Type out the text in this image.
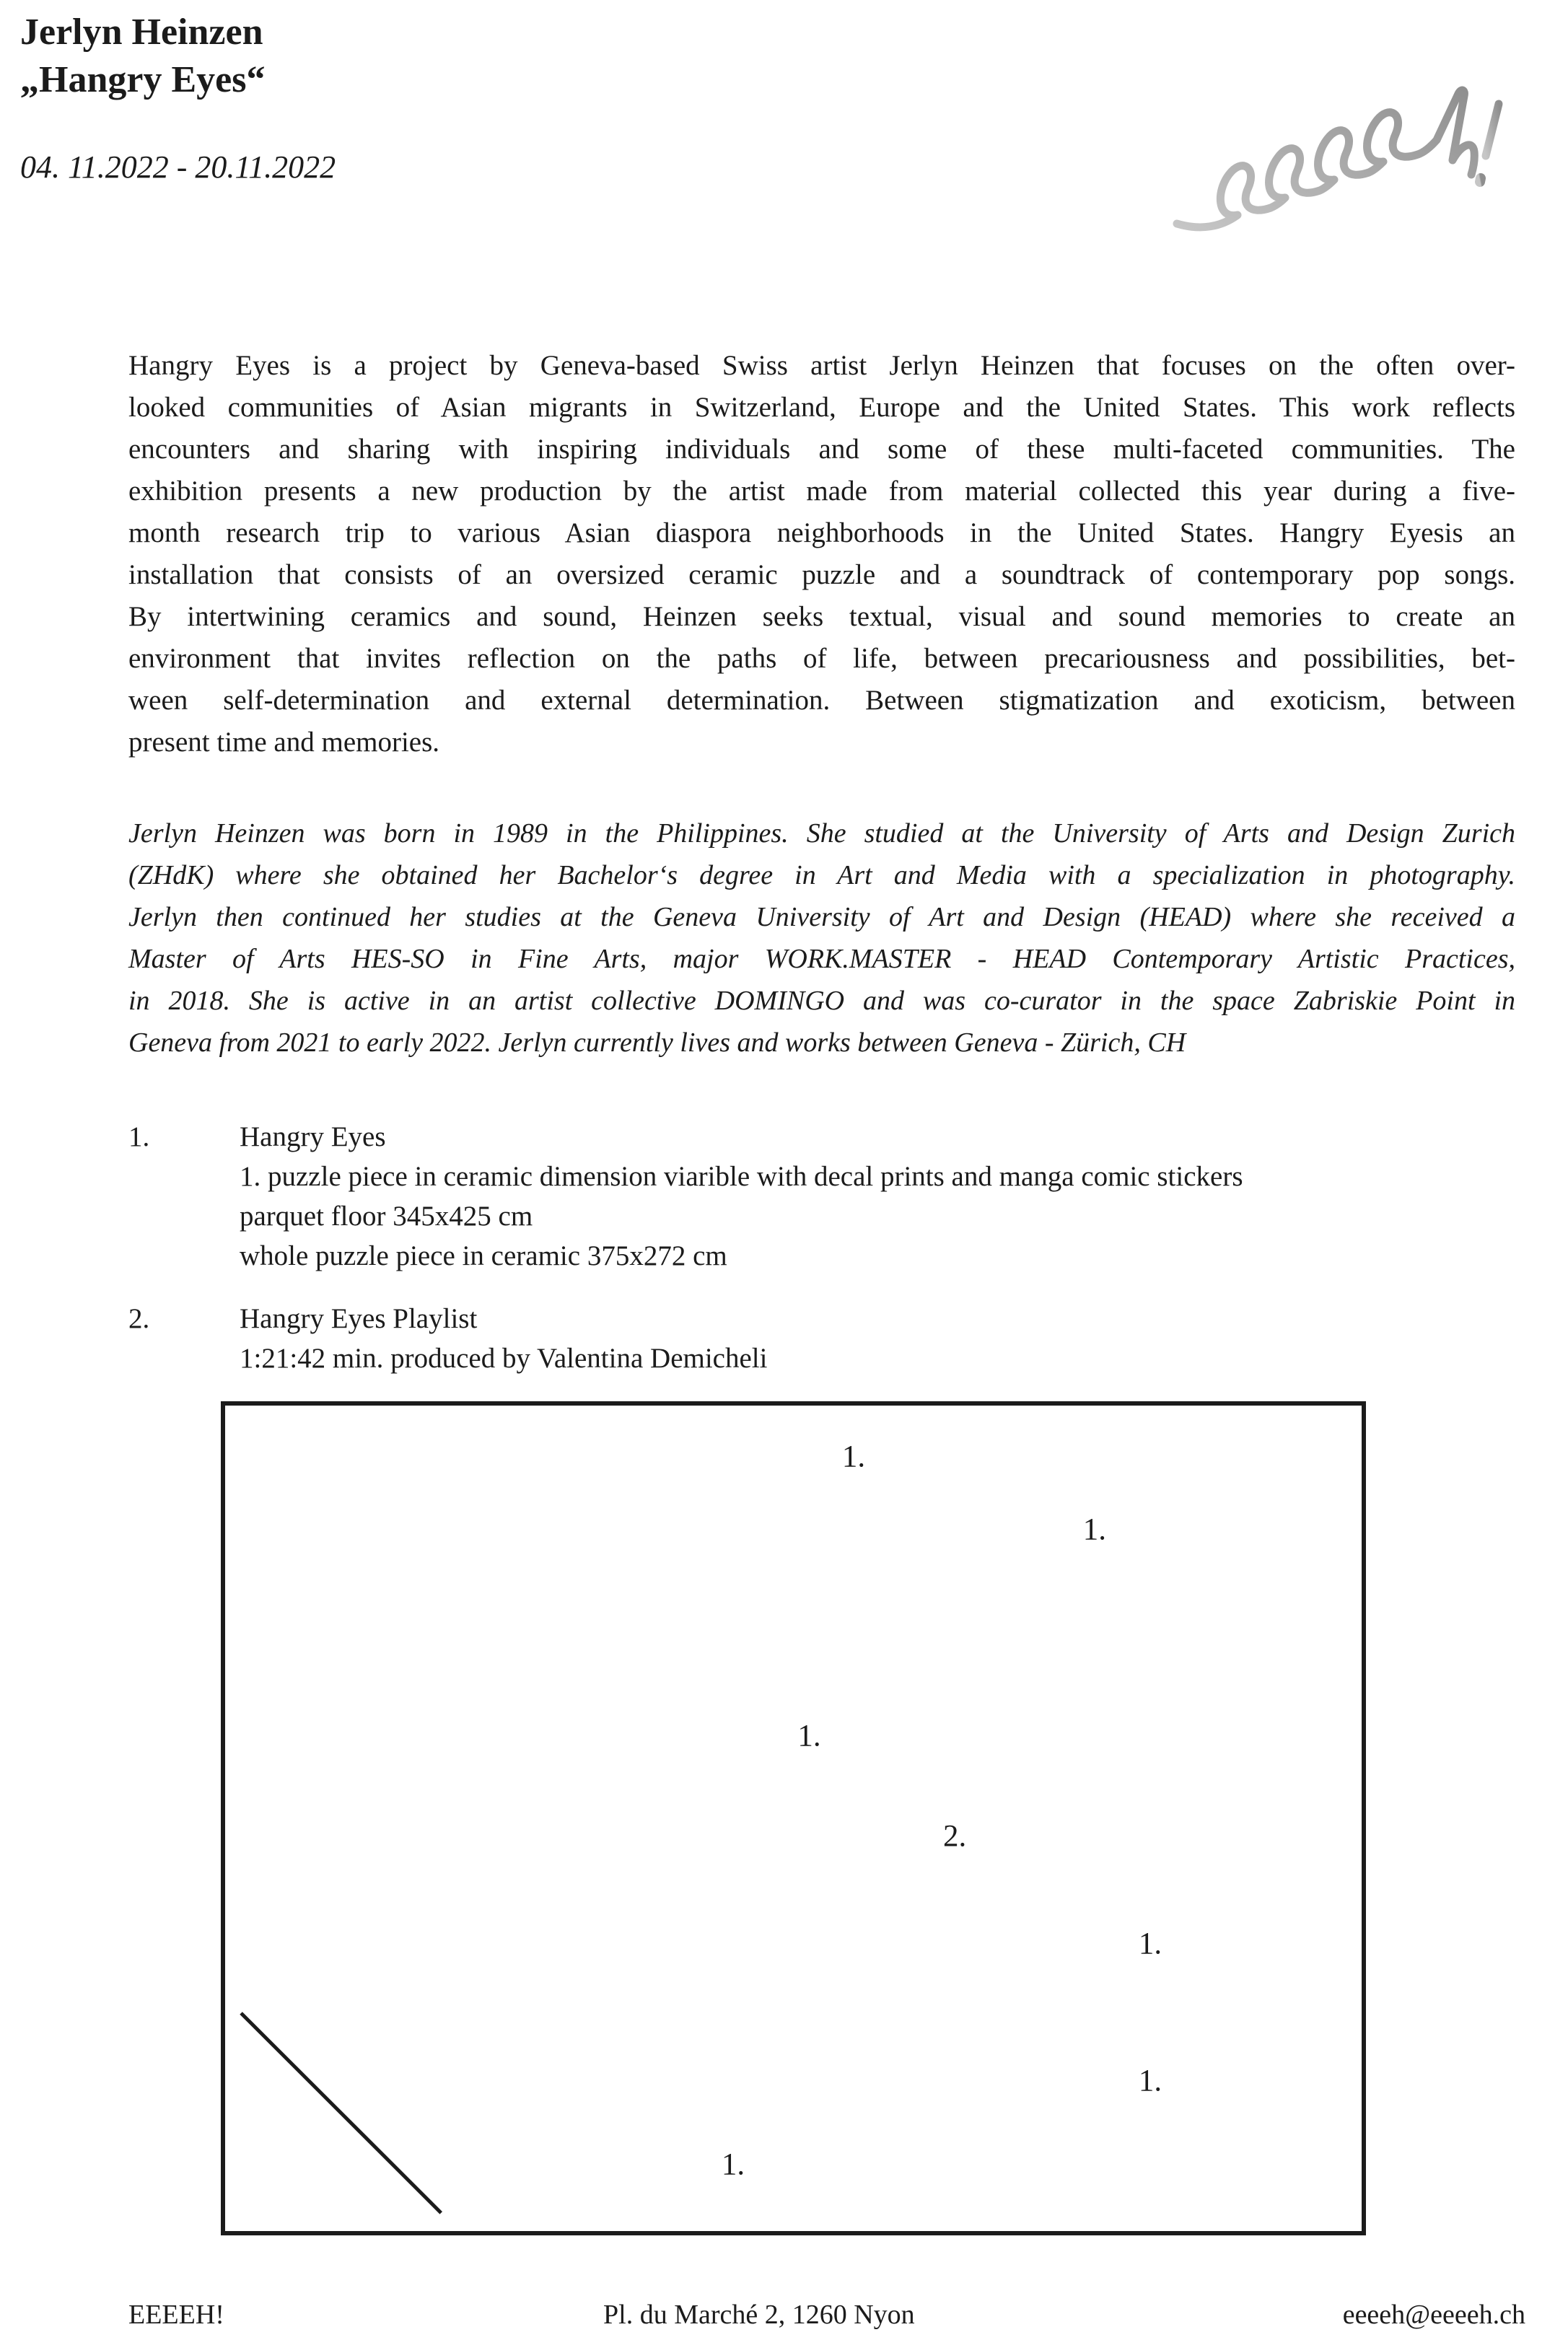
Jerlyn Heinzen
„Hangry Eyes“
04. 11.2022 - 20.11.2022
Hangry Eyes is a project by Geneva-based Swiss artist Jerlyn Heinzen that focuses on the often over-
looked communities of Asian migrants in Switzerland, Europe and the United States. This work reflects
encounters and sharing with inspiring individuals and some of these multi-faceted communities. The
exhibition presents a new production by the artist made from material collected this year during a five-
month research trip to various Asian diaspora neighborhoods in the United States. Hangry Eyesis an
installation that consists of an oversized ceramic puzzle and a soundtrack of contemporary pop songs.
By intertwining ceramics and sound, Heinzen seeks textual, visual and sound memories to create an
environment that invites reflection on the paths of life, between precariousness and possibilities, bet-
ween self-determination and external determination. Between stigmatization and exoticism, between
present time and memories.
Jerlyn Heinzen was born in 1989 in the Philippines. She studied at the University of Arts and Design Zurich
(ZHdK) where she obtained her Bachelor‘s degree in Art and Media with a specialization in photography.
Jerlyn then continued her studies at the Geneva University of Art and Design (HEAD) where she received a
Master of Arts HES-SO in Fine Arts, major WORK.MASTER - HEAD Contemporary Artistic Practices,
in 2018. She is active in an artist collective DOMINGO and was co-curator in the space Zabriskie Point in
Geneva from 2021 to early 2022. Jerlyn currently lives and works between Geneva - Zürich, CH
1.	Hangry Eyes
1. puzzle piece in ceramic dimension viarible with decal prints and manga comic stickers
parquet floor 345x425 cm
whole puzzle piece in ceramic 375x272 cm
2.	Hangry Eyes Playlist
1:21:42 min. produced by Valentina Demicheli
1.
1.
1.
2.
1.
1.
1.
EEEEH!	Pl. du Marché 2, 1260 Nyon	eeeeh@eeeeh.ch
